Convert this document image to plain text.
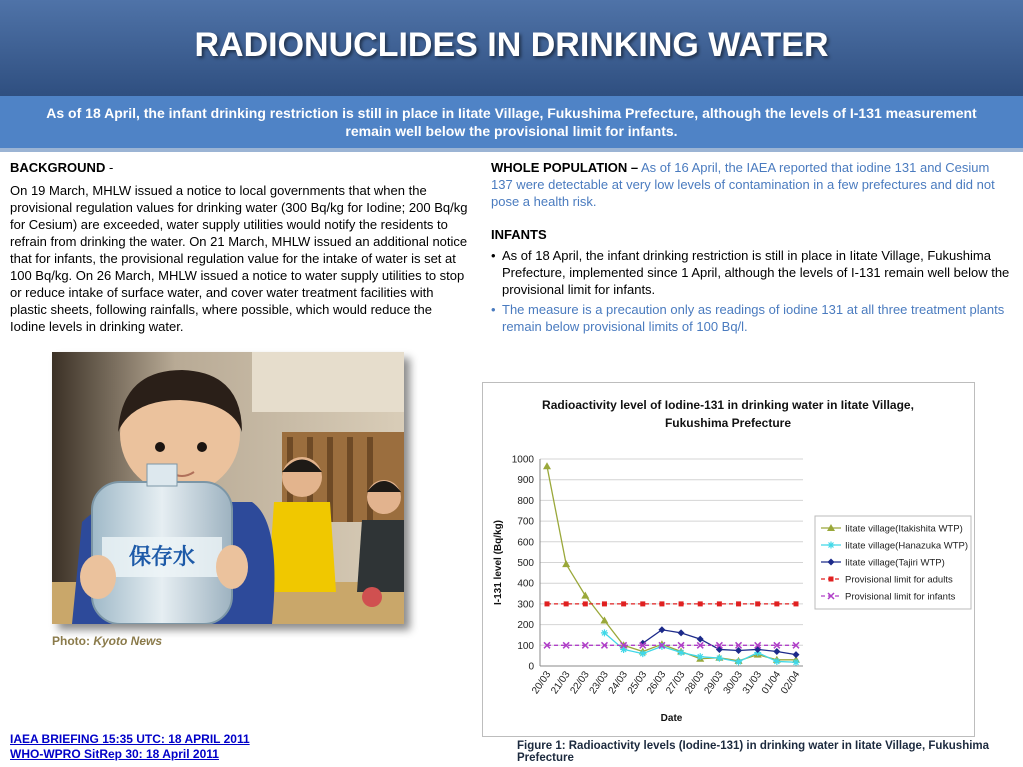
RADIONUCLIDES IN DRINKING WATER
As of 18 April, the infant drinking restriction is still in place in Iitate Village, Fukushima Prefecture, although the levels of I-131 measurement remain well below the provisional limit for infants.
BACKGROUND -
On 19 March, MHLW issued a notice to local governments that when the provisional regulation values for drinking water (300 Bq/kg for Iodine; 200 Bq/kg for Cesium) are exceeded, water supply utilities would notify the residents to refrain from drinking the water. On 21 March, MHLW issued an additional notice that for infants, the provisional regulation value for the intake of water is set at 100 Bq/kg. On 26 March, MHLW issued a notice to water supply utilities to stop or reduce intake of surface water, and cover water treatment facilities with plastic sheets, following rainfalls, where possible, which would reduce the Iodine levels in drinking water.
保存水
Photo: Kyoto News
WHOLE POPULATION – As of 16 April, the IAEA reported that iodine 131 and Cesium 137 were detectable at very low levels of contamination in a few prefectures and did not pose a health risk.
INFANTS
• As of 18 April, the infant drinking restriction is still in place in Iitate Village, Fukushima Prefecture, implemented since 1 April, although the levels of I-131 remain well below the provisional limit for infants.
• The measure is a precaution only as readings of iodine 131 at all three treatment plants remain below provisional limits of 100 Bq/l.
Radioactivity level of Iodine-131 in drinking water in Iitate Village,
Fukushima Prefecture
0
100
200
300
400
500
600
700
800
900
1000
20/03
21/03
22/03
23/03
24/03
25/03
26/03
27/03
28/03
29/03
30/03
31/03
01/04
02/04
I-131 level (Bq/kg)
Date
Iitate village(Itakishita WTP)
Iitate village(Hanazuka WTP)
Iitate village(Tajiri WTP)
Provisional limit for adults
Provisional limit for infants
Figure 1: Radioactivity levels (Iodine-131) in drinking water in Iitate Village, Fukushima Prefecture
IAEA BRIEFING 15:35 UTC: 18 APRIL 2011
WHO-WPRO SitRep 30: 18 April 2011
